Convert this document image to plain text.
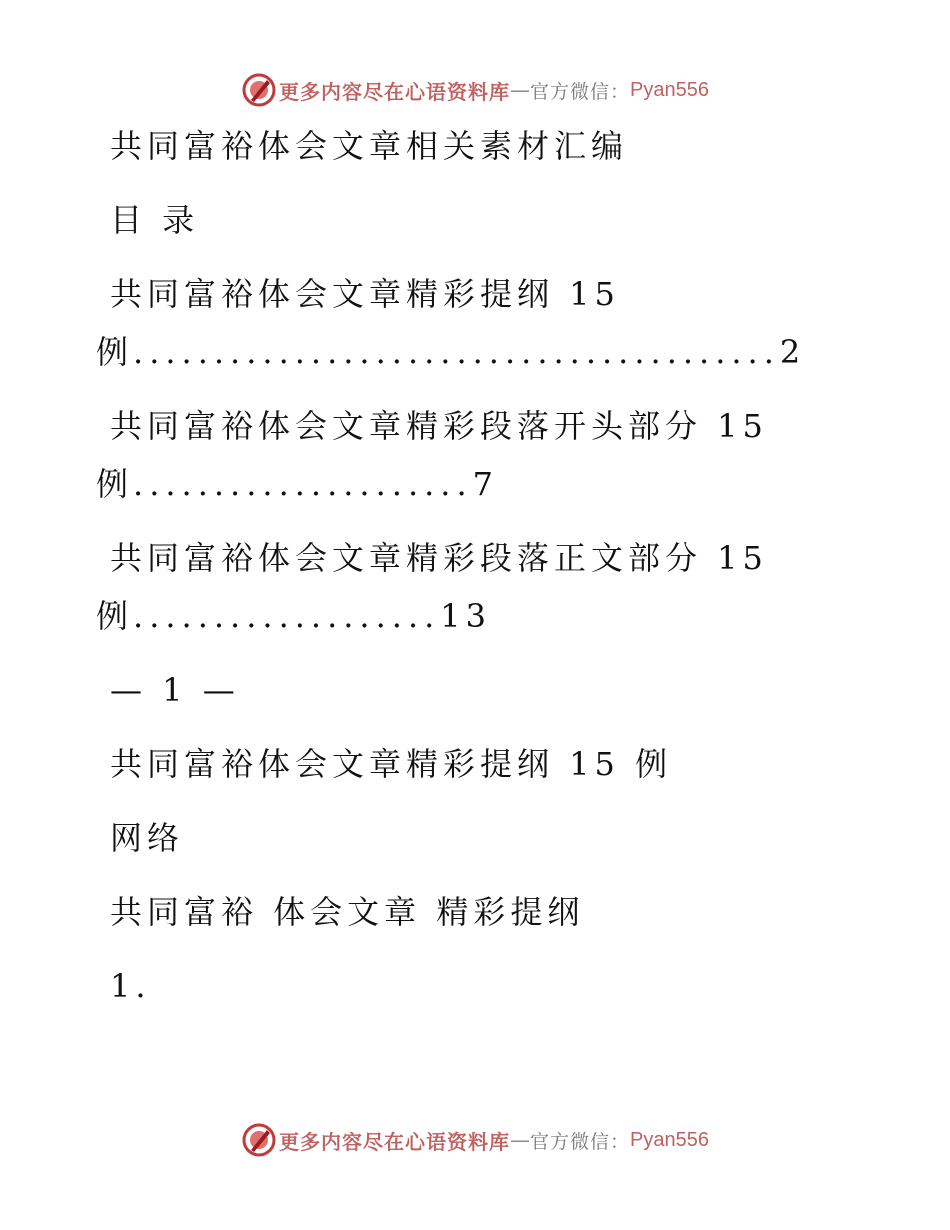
更多内容尽在心语资料库 — 官方微信： Pyan556
共同富裕体会文章相关素材汇编
目 录
共同富裕体会文章精彩提纲 15
例........................................2
共同富裕体会文章精彩段落开头部分 15
例.....................7
共同富裕体会文章精彩段落正文部分 15
例...................13
— 1 —
共同富裕体会文章精彩提纲 15 例
网络
共同富裕 体会文章 精彩提纲
1.
更多内容尽在心语资料库 — 官方微信： Pyan556
